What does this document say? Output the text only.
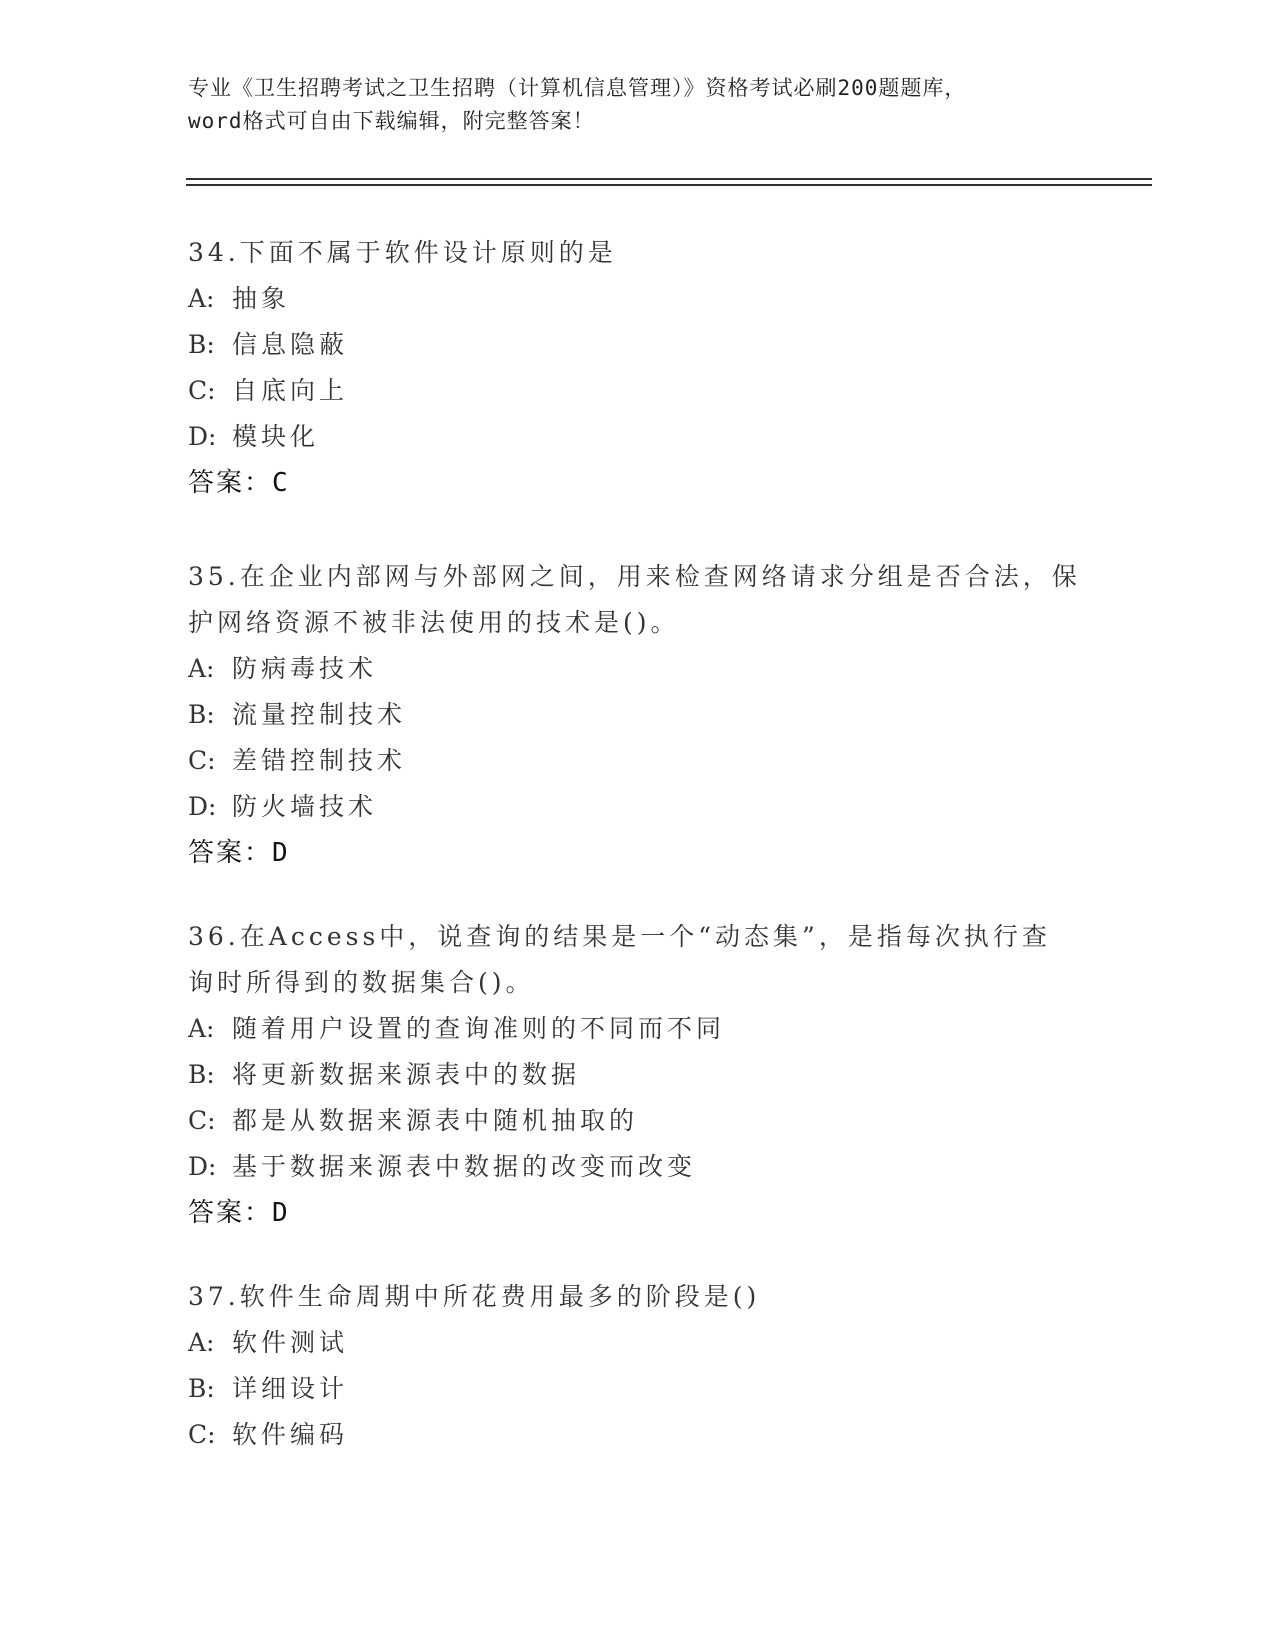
专业《卫生招聘考试之卫生招聘（计算机信息管理）》资格考试必刷200题题库，
word格式可自由下载编辑，附完整答案！
34.下面不属于软件设计原则的是
A: 抽象
B: 信息隐蔽
C: 自底向上
D: 模块化
答案：C
35.在企业内部网与外部网之间，用来检查网络请求分组是否合法，保
护网络资源不被非法使用的技术是()。
A: 防病毒技术
B: 流量控制技术
C: 差错控制技术
D: 防火墙技术
答案：D
36.在Access中，说查询的结果是一个“动态集”，是指每次执行查
询时所得到的数据集合()。
A: 随着用户设置的查询准则的不同而不同
B: 将更新数据来源表中的数据
C: 都是从数据来源表中随机抽取的
D: 基于数据来源表中数据的改变而改变
答案：D
37.软件生命周期中所花费用最多的阶段是()
A: 软件测试
B: 详细设计
C: 软件编码
